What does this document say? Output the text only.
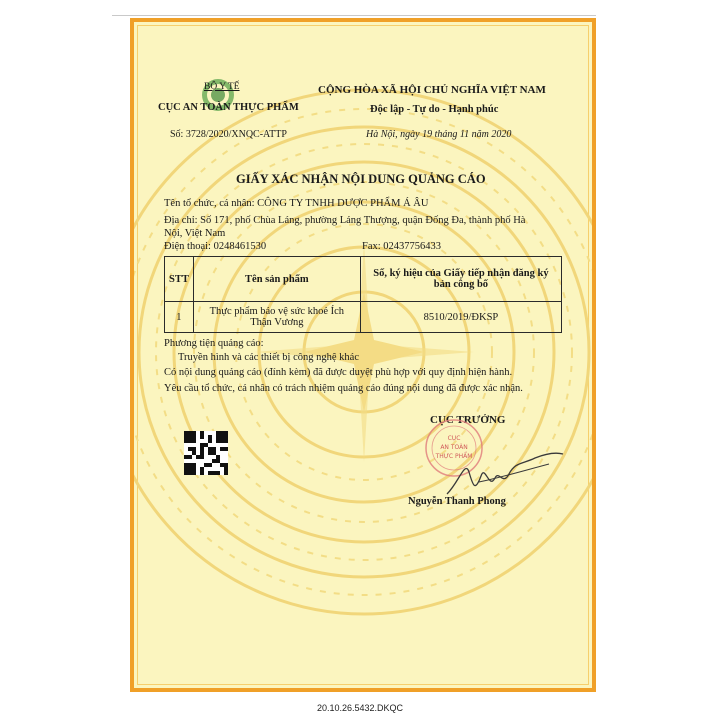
BỘ Y TẾ
CỤC AN TOÀN THỰC PHẨM
Số: 3728/2020/XNQC-ATTP
CỘNG HÒA XÃ HỘI CHỦ NGHĨA VIỆT NAM
Độc lập - Tự do - Hạnh phúc
Hà Nội, ngày 19 tháng 11 năm 2020
GIẤY XÁC NHẬN NỘI DUNG QUẢNG CÁO
Tên tổ chức, cá nhân: CÔNG TY TNHH DƯỢC PHẨM Á ÂU
Địa chỉ: Số 171, phố Chùa Láng, phường Láng Thượng, quận Đống Đa, thành phố Hà
Nội, Việt Nam
Điện thoại: 0248461530	Fax: 02437756433
STT	Tên sản phẩm	Số, ký hiệu của Giấy tiếp nhận đăng ký bản công bố
1	Thực phẩm bảo vệ sức khoẻ Ích
Thận Vương	8510/2019/ĐKSP
Phương tiện quảng cáo:
Truyền hình và các thiết bị công nghệ khác
Có nội dung quảng cáo (đính kèm) đã được duyệt phù hợp với quy định hiện hành.
Yêu cầu tổ chức, cá nhân có trách nhiệm quảng cáo đúng nội dung đã được xác nhận.
CỤC TRƯỞNG
CỤC
AN TOÀN
THỰC PHẨM
Nguyễn Thanh Phong
20.10.26.5432.DKQC
